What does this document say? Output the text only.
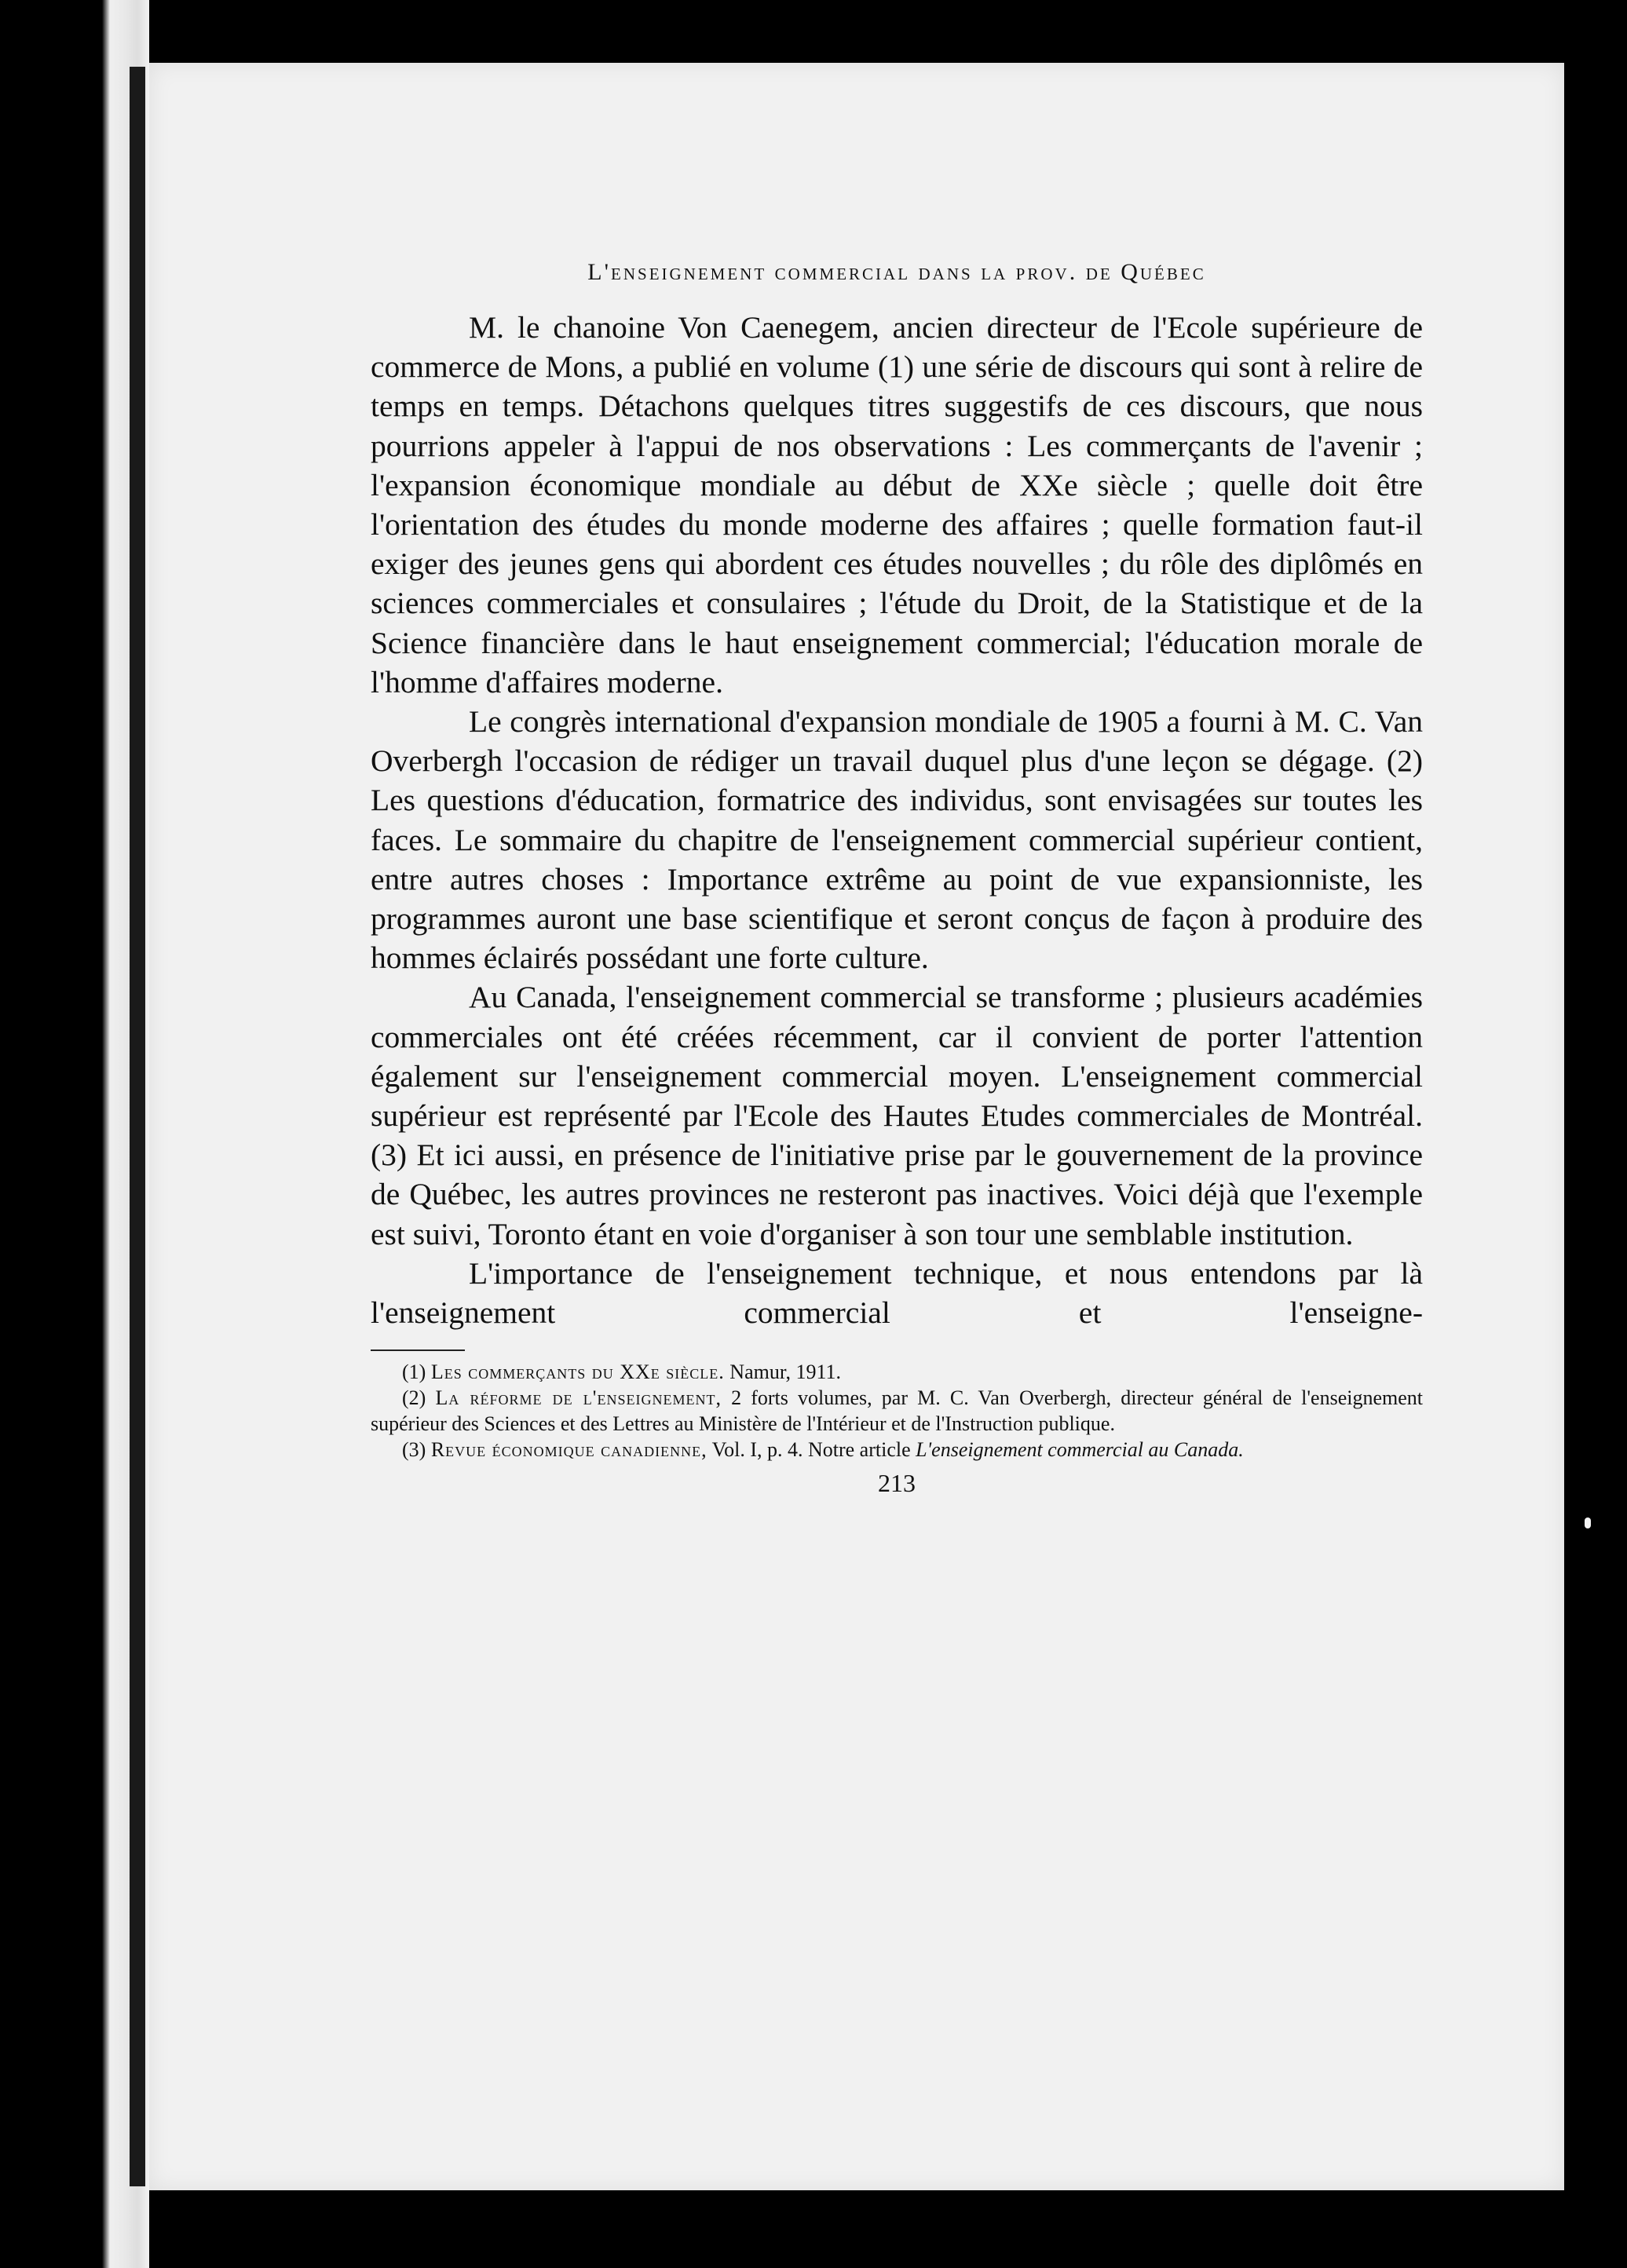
L'enseignement commercial dans la prov. de Québec

M. le chanoine Von Caenegem, ancien directeur de l'Ecole supérieure de commerce de Mons, a publié en volume (1) une série de discours qui sont à relire de temps en temps. Détachons quelques titres suggestifs de ces discours, que nous pourrions appeler à l'appui de nos observations : Les commerçants de l'avenir ; l'expansion économique mondiale au début de XXe siècle ; quelle doit être l'orientation des études du monde moderne des affaires ; quelle formation faut-il exiger des jeunes gens qui abordent ces études nouvelles ; du rôle des diplômés en sciences commerciales et consulaires ; l'étude du Droit, de la Statistique et de la Science financière dans le haut enseignement commercial; l'éducation morale de l'homme d'affaires moderne.

Le congrès international d'expansion mondiale de 1905 a fourni à M. C. Van Overbergh l'occasion de rédiger un travail duquel plus d'une leçon se dégage. (2) Les questions d'éducation, formatrice des individus, sont envisagées sur toutes les faces. Le sommaire du chapitre de l'enseignement commercial supérieur contient, entre autres choses : Importance extrême au point de vue expansionniste, les programmes auront une base scientifique et seront conçus de façon à produire des hommes éclairés possédant une forte culture.

Au Canada, l'enseignement commercial se transforme ; plusieurs académies commerciales ont été créées récemment, car il convient de porter l'attention également sur l'enseignement commercial moyen. L'enseignement commercial supérieur est représenté par l'Ecole des Hautes Etudes commerciales de Montréal. (3) Et ici aussi, en présence de l'initiative prise par le gouvernement de la province de Québec, les autres provinces ne resteront pas inactives. Voici déjà que l'exemple est suivi, Toronto étant en voie d'organiser à son tour une semblable institution.

L'importance de l'enseignement technique, et nous entendons par là l'enseignement commercial et l'enseigne-

(1) Les commerçants du XXe siècle. Namur, 1911.

(2) La réforme de l'enseignement, 2 forts volumes, par M. C. Van Overbergh, directeur général de l'enseignement supérieur des Sciences et des Lettres au Ministère de l'Intérieur et de l'Instruction publique.

(3) Revue économique canadienne, Vol. I, p. 4. Notre article L'enseignement commercial au Canada.

213
